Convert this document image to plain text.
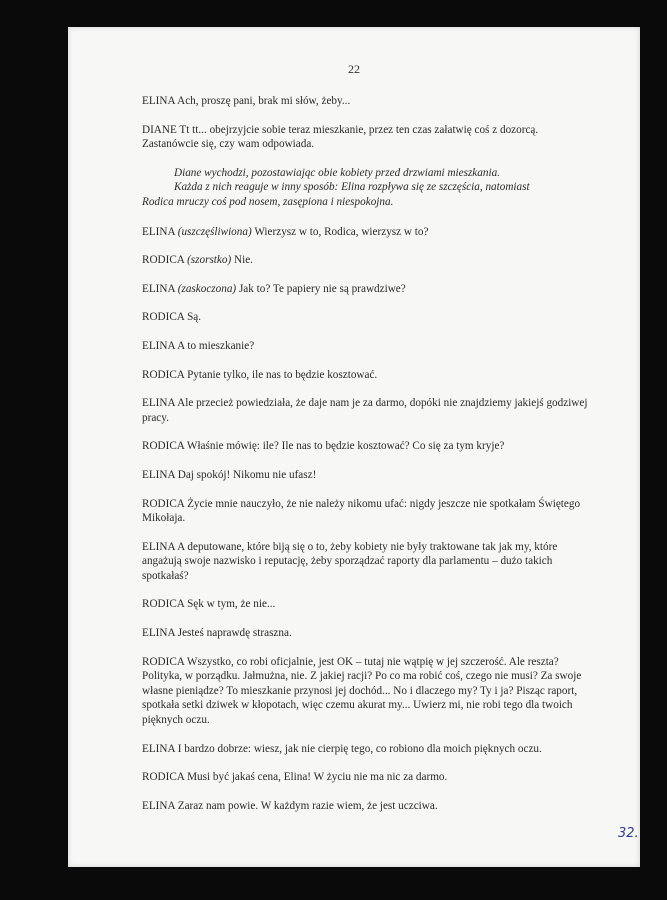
22

ELINA Ach, proszę pani, brak mi słów, żeby...

DIANE Tt tt... obejrzyjcie sobie teraz mieszkanie, przez ten czas załatwię coś z dozorcą. Zastanówcie się, czy wam odpowiada.

Diane wychodzi, pozostawiając obie kobiety przed drzwiami mieszkania.
Każda z nich reaguje w inny sposób: Elina rozpływa się ze szczęścia, natomiast
Rodica mruczy coś pod nosem, zasępiona i niespokojna.

ELINA (uszczęśliwiona) Wierzysz w to, Rodica, wierzysz w to?

RODICA (szorstko) Nie.

ELINA (zaskoczona) Jak to? Te papiery nie są prawdziwe?

RODICA Są.

ELINA A to mieszkanie?

RODICA Pytanie tylko, ile nas to będzie kosztować.

ELINA Ale przecież powiedziała, że daje nam je za darmo, dopóki nie znajdziemy jakiejś godziwej pracy.

RODICA Właśnie mówię: ile? Ile nas to będzie kosztować? Co się za tym kryje?

ELINA Daj spokój! Nikomu nie ufasz!

RODICA Życie mnie nauczyło, że nie należy nikomu ufać: nigdy jeszcze nie spotkałam Świętego Mikołaja.

ELINA A deputowane, które biją się o to, żeby kobiety nie były traktowane tak jak my, które angażują swoje nazwisko i reputację, żeby sporządzać raporty dla parlamentu – dużo takich spotkałaś?

RODICA Sęk w tym, że nie...

ELINA Jesteś naprawdę straszna.

RODICA Wszystko, co robi oficjalnie, jest OK – tutaj nie wątpię w jej szczerość. Ale reszta? Polityka, w porządku. Jałmużna, nie. Z jakiej racji? Po co ma robić coś, czego nie musi? Za swoje własne pieniądze? To mieszkanie przynosi jej dochód... No i dlaczego my? Ty i ja? Pisząc raport, spotkała setki dziwek w kłopotach, więc czemu akurat my... Uwierz mi, nie robi tego dla twoich pięknych oczu.

ELINA I bardzo dobrze: wiesz, jak nie cierpię tego, co robiono dla moich pięknych oczu.

RODICA Musi być jakaś cena, Elina! W życiu nie ma nic za darmo.

ELINA Zaraz nam powie. W każdym razie wiem, że jest uczciwa.

32.
